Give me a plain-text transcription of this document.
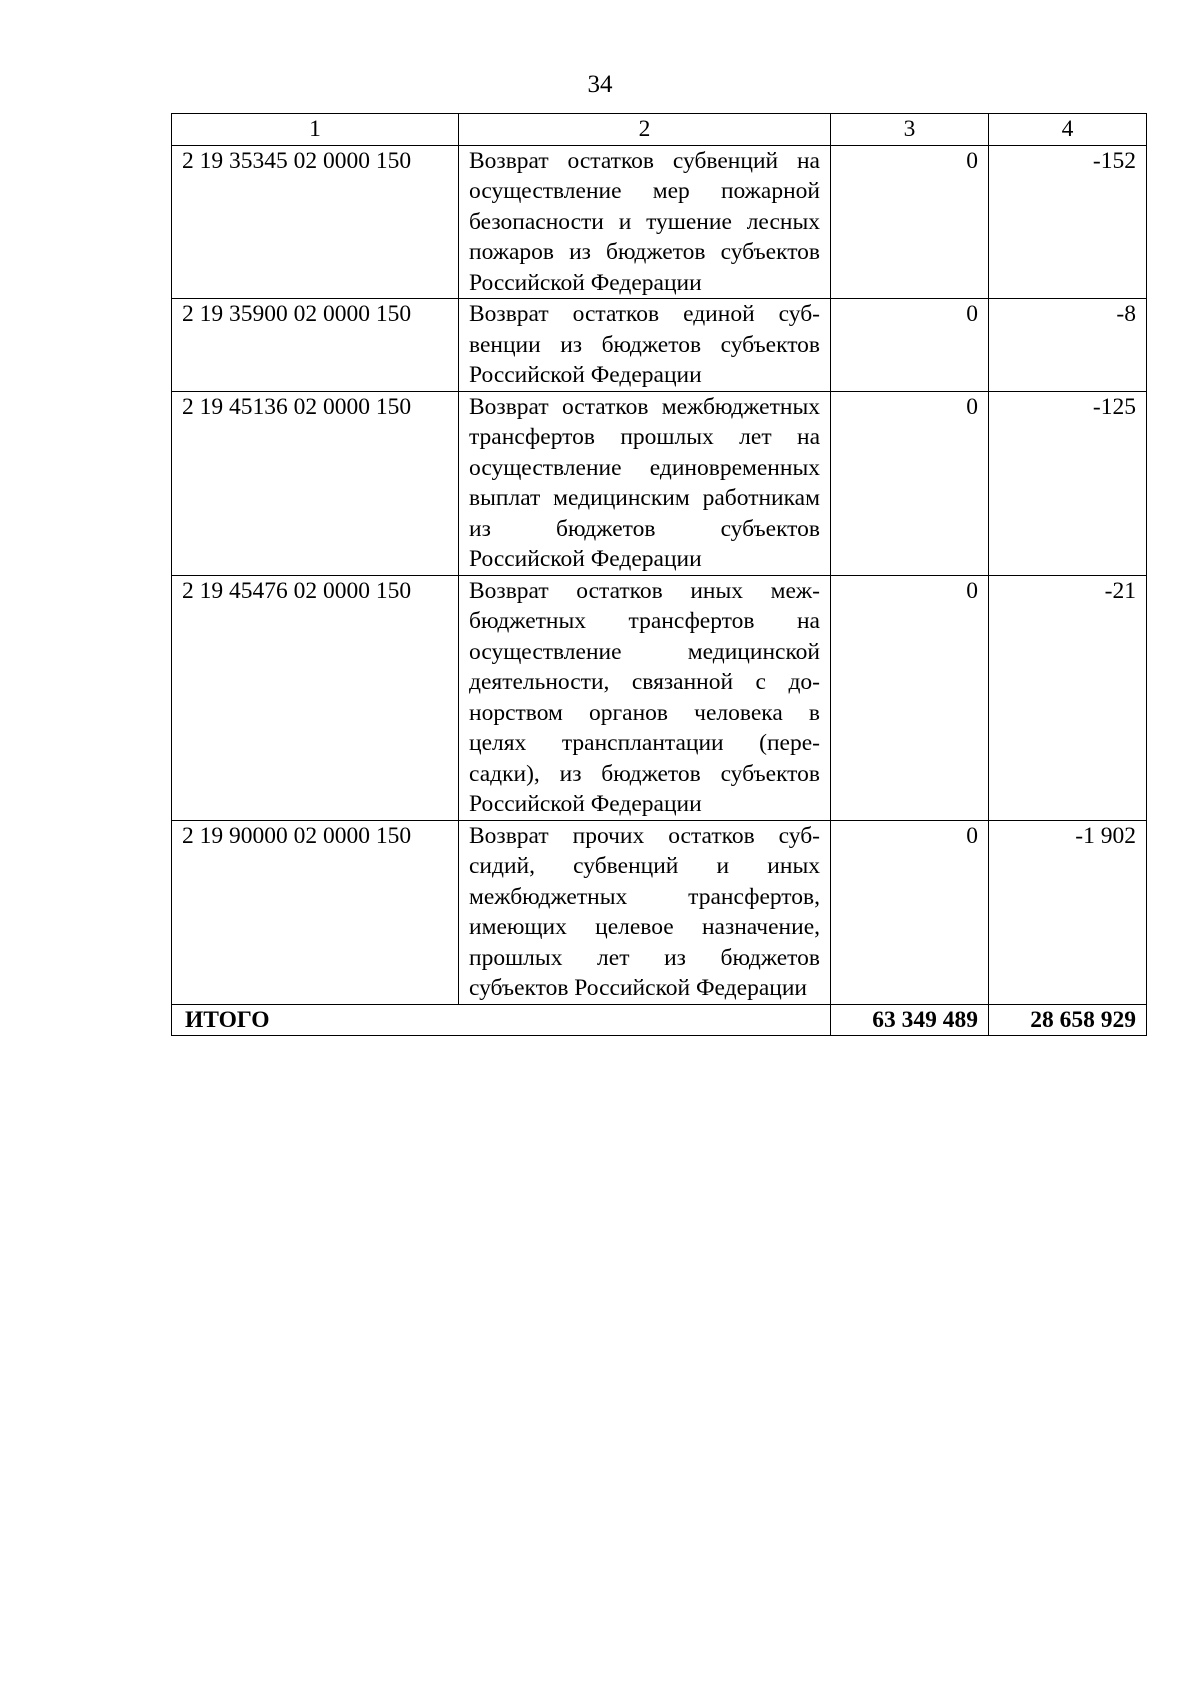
34
1	2	3	4
2 19 35345 02 0000 150	Возврат остатков субвенций на осуществление мер пожарной безопасности и тушение лесных пожаров из бюджетов субъектов Российской Федерации	0	-152
2 19 35900 02 0000 150	Возврат остатков единой субвенции из бюджетов субъектов Российской Федерации	0	-8
2 19 45136 02 0000 150	Возврат остатков межбюджетных трансфертов прошлых лет на осуществление единовременных выплат медицинским работникам из бюджетов субъектов Российской Федерации	0	-125
2 19 45476 02 0000 150	Возврат остатков иных межбюджетных трансфертов на осуществление медицинской деятельности, связанной с донорством органов человека в целях трансплантации (пересадки), из бюджетов субъектов Российской Федерации	0	-21
2 19 90000 02 0000 150	Возврат прочих остатков субсидий, субвенций и иных межбюджетных трансфертов, имеющих целевое назначение, прошлых лет из бюджетов субъектов Российской Федерации	0	-1 902
ИТОГО		63 349 489	28 658 929
